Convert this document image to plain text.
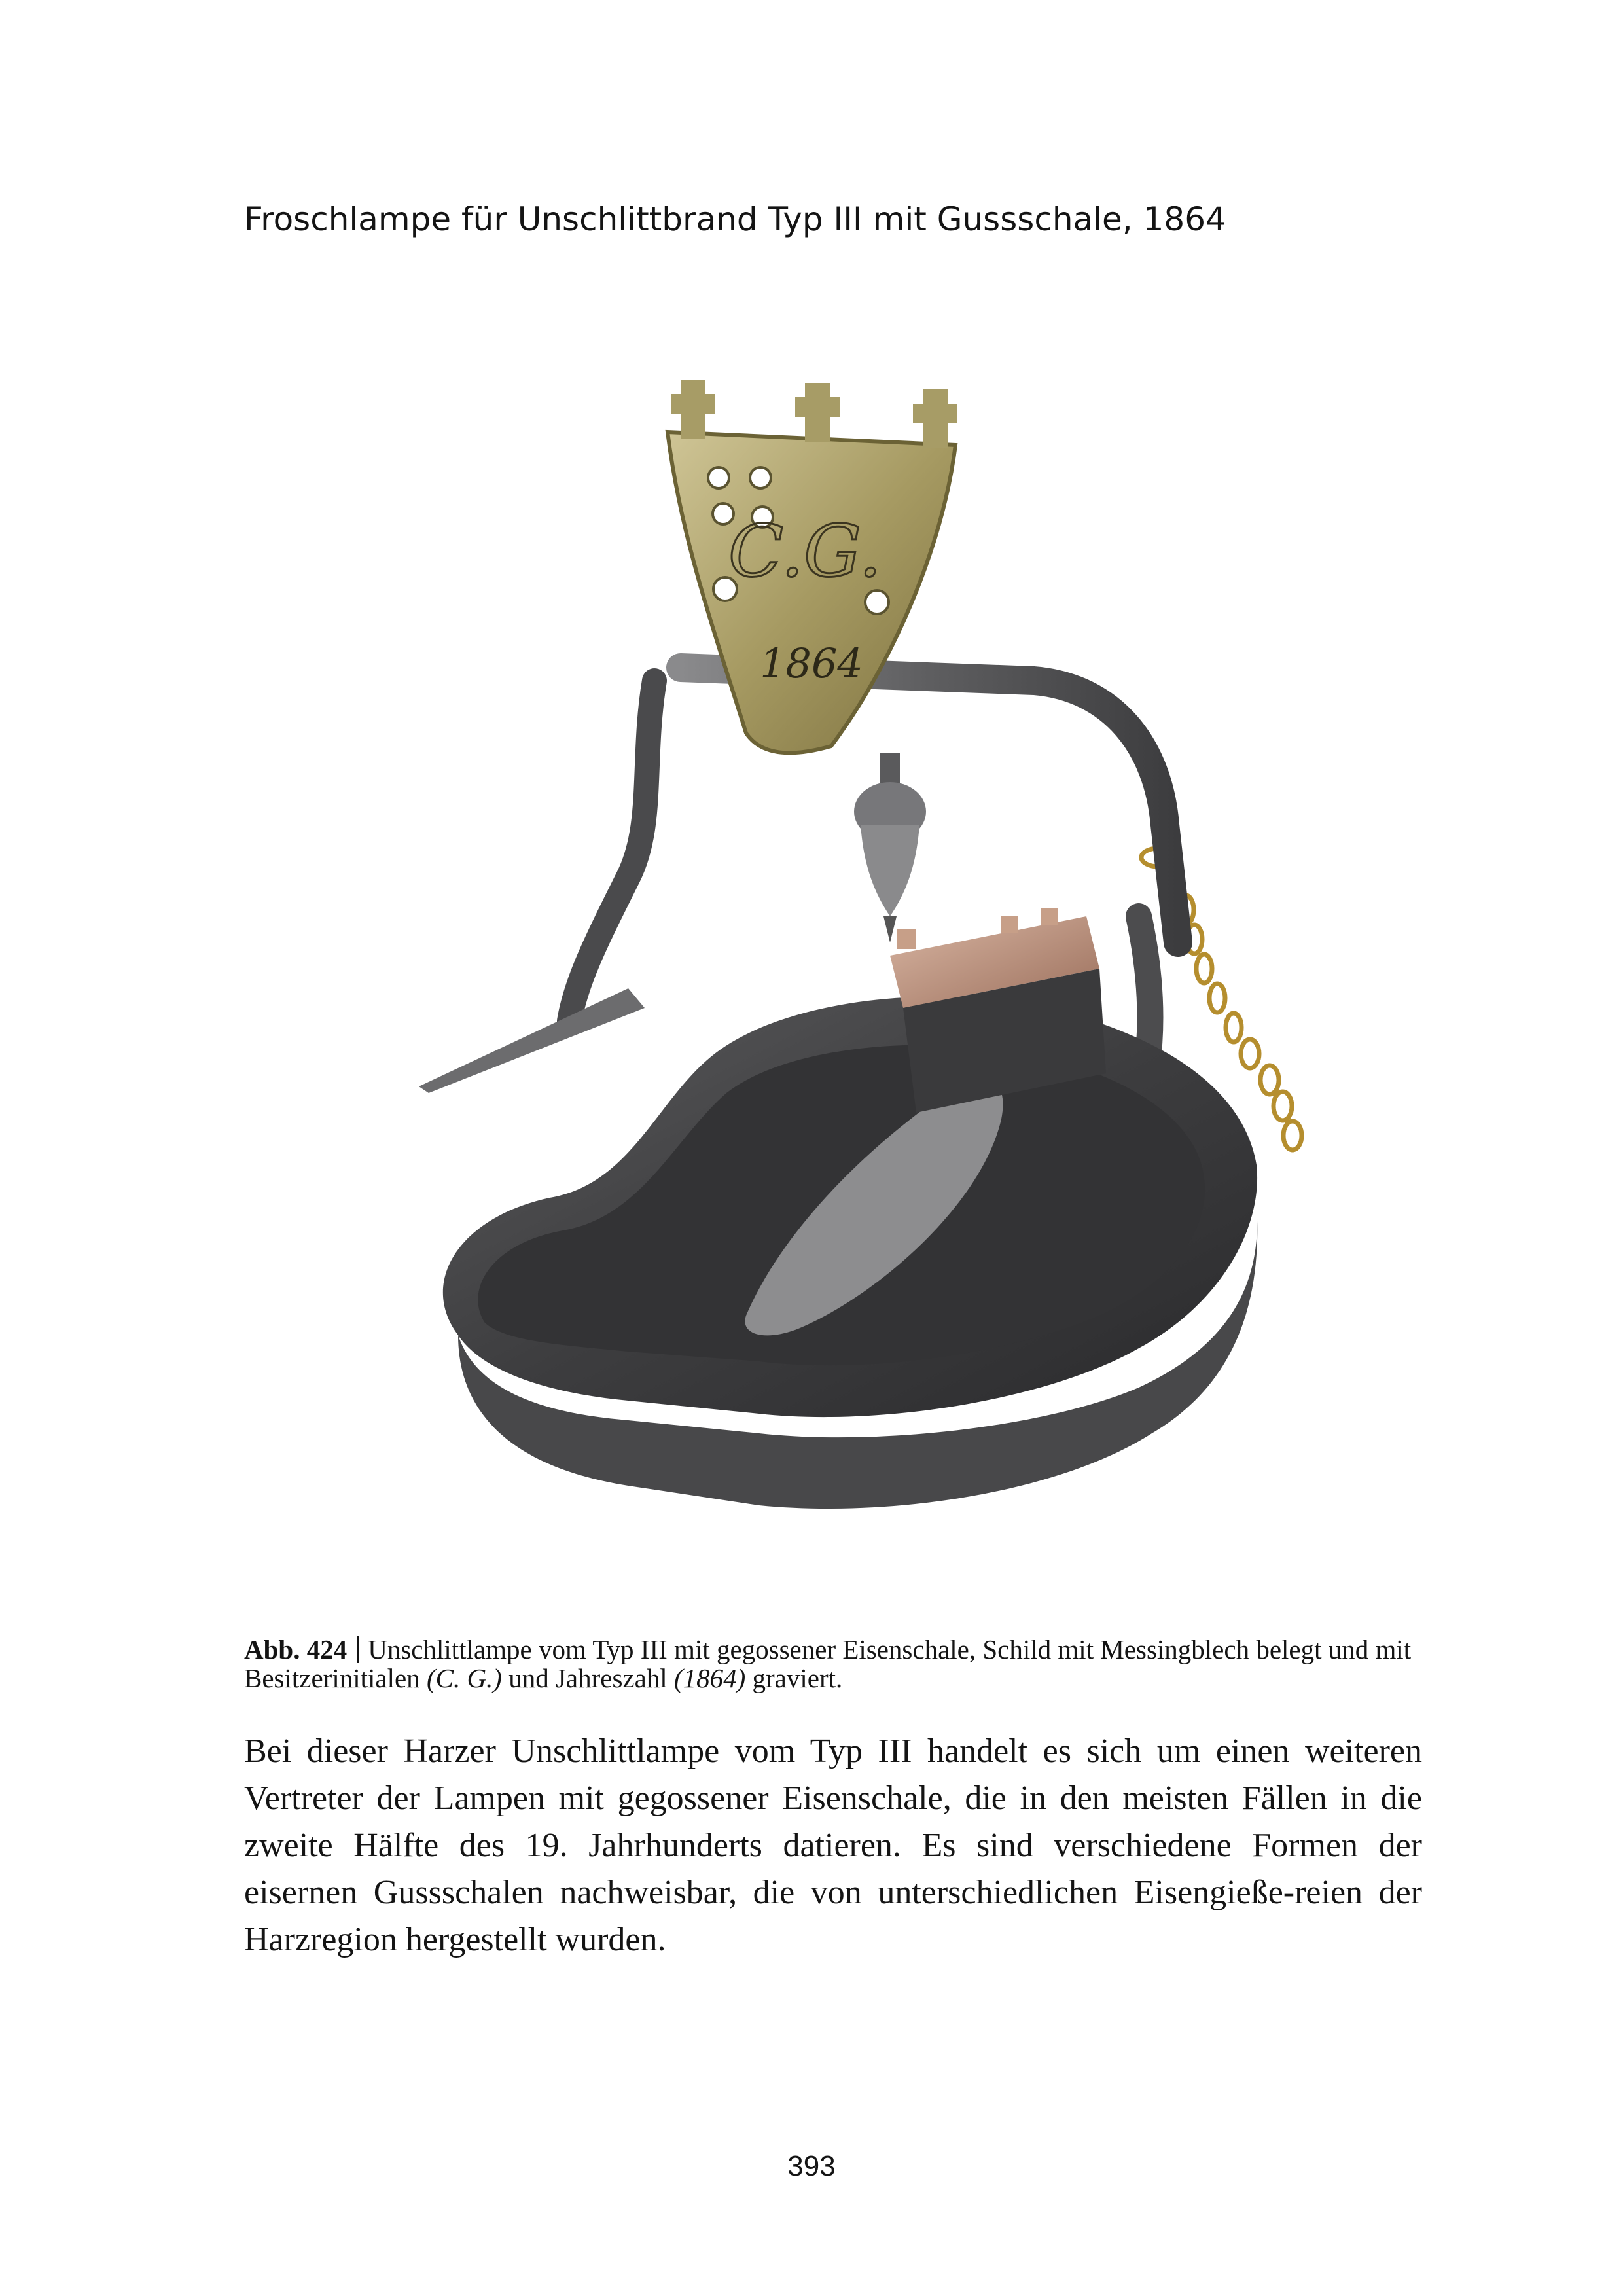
Froschlampe für Unschlittbrand Typ III mit Gussschale, 1864
C.G.
1864
Abb. 424 Unschlittlampe vom Typ III mit gegossener Eisenschale, Schild mit Messingblech belegt und mit Besitzerinitialen (C. G.) und Jahreszahl (1864) graviert.

Bei dieser Harzer Unschlittlampe vom Typ III handelt es sich um einen weiteren Vertreter der Lampen mit gegossener Eisenschale, die in den meisten Fällen in die zweite Hälfte des 19. Jahrhunderts datieren. Es sind verschiedene Formen der eisernen Gussschalen nachweisbar, die von unterschiedlichen Eisengieße-reien der Harzregion hergestellt wurden.

393
